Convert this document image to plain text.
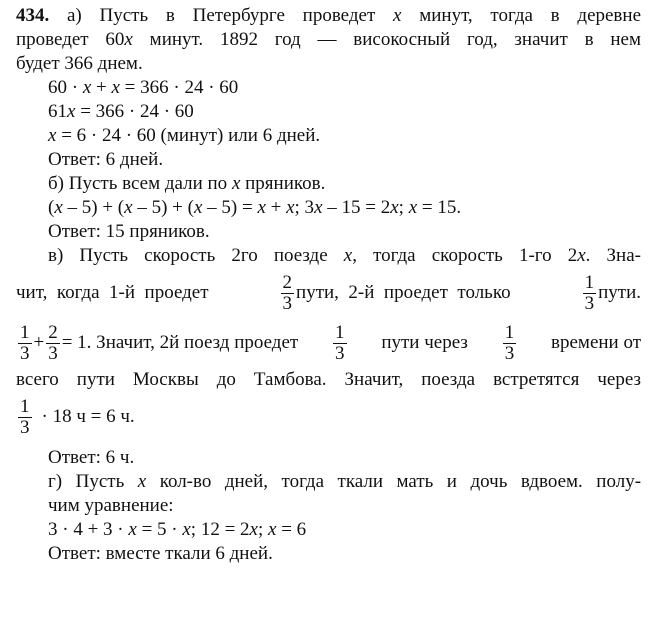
434. а) Пусть в Петербурге проведет x минут, тогда в деревне
проведет 60x минут. 1892 год — високосный год, значит в нем
будет 366 днем.
60 · x + x = 366 · 24 · 60
61x = 366 · 24 · 60
x = 6 · 24 · 60 (минут) или 6 дней.
Ответ: 6 дней.
б) Пусть всем дали по x пряников.
(x – 5) + (x – 5) + (x – 5) = x + x; 3x – 15 = 2x; x = 15.
Ответ: 15 пряников.
в) Пусть скорость 2го поезде x, тогда скорость 1-го 2x. Зна-
чит,  когда  1-й  проедет	$\frac{2}{3}$ пути,  2-й  проедет  только	$\frac{1}{3}$ пути.
$\frac{1}{3} + \frac{2}{3} = 1$. Значит, 2й поезд проедет $\frac{1}{3}$ пути через $\frac{1}{3}$ времени от
всего пути Москвы до Тамбова. Значит, поезда встретятся через
$\frac{1}{3} \cdot 18$ ч = 6 ч.
Ответ: 6 ч.
г) Пусть x кол-во дней, тогда ткали мать и дочь вдвоем. полу-
чим уравнение:
3 · 4 + 3 · x = 5 · x; 12 = 2x; x = 6
Ответ: вместе ткали 6 дней.
